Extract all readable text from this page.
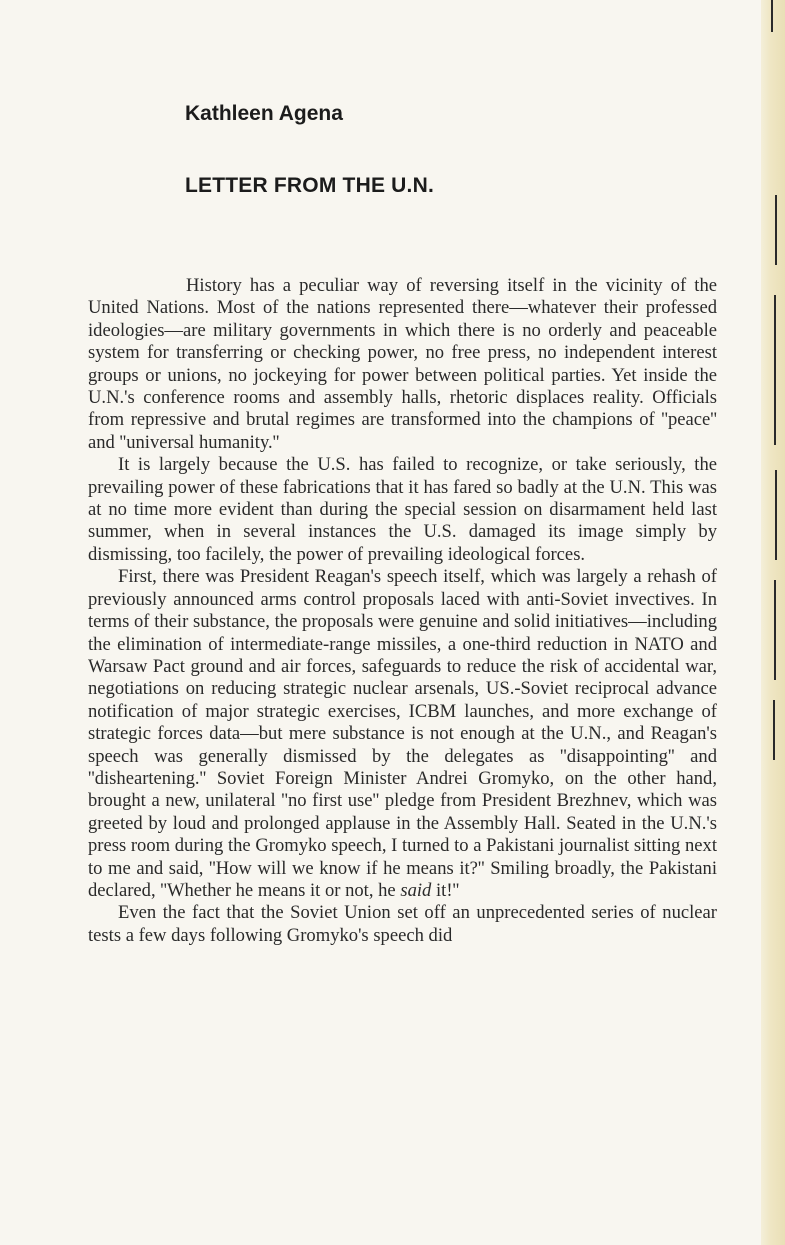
Kathleen Agena
LETTER FROM THE U.N.

History has a peculiar way of reversing itself in the vicinity of the United Nations. Most of the nations represented there—whatever their professed ideologies—are military governments in which there is no orderly and peaceable system for transferring or checking power, no free press, no independent interest groups or unions, no jockeying for power between political parties. Yet inside the U.N.'s conference rooms and assembly halls, rhetoric displaces reality. Officials from repressive and brutal regimes are transformed into the champions of ''peace'' and ''universal humanity.''

It is largely because the U.S. has failed to recognize, or take seriously, the prevailing power of these fabrications that it has fared so badly at the U.N. This was at no time more evident than during the special session on disarmament held last summer, when in several instances the U.S. damaged its image simply by dismissing, too facilely, the power of prevailing ideological forces.

First, there was President Reagan's speech itself, which was largely a rehash of previously announced arms control proposals laced with anti-Soviet invectives. In terms of their substance, the proposals were genuine and solid initiatives—including the elimination of intermediate-range missiles, a one-third reduction in NATO and Warsaw Pact ground and air forces, safeguards to reduce the risk of accidental war, negotiations on reducing strategic nuclear arsenals, US.-Soviet reciprocal advance notification of major strategic exercises, ICBM launches, and more exchange of strategic forces data—but mere substance is not enough at the U.N., and Reagan's speech was generally dismissed by the delegates as ''disappointing'' and ''disheartening.'' Soviet Foreign Minister Andrei Gromyko, on the other hand, brought a new, unilateral ''no first use'' pledge from President Brezhnev, which was greeted by loud and prolonged applause in the Assembly Hall. Seated in the U.N.'s press room during the Gromyko speech, I turned to a Pakistani journalist sitting next to me and said, ''How will we know if he means it?'' Smiling broadly, the Pakistani declared, ''Whether he means it or not, he said it!''

Even the fact that the Soviet Union set off an unprecedented series of nuclear tests a few days following Gromyko's speech did
